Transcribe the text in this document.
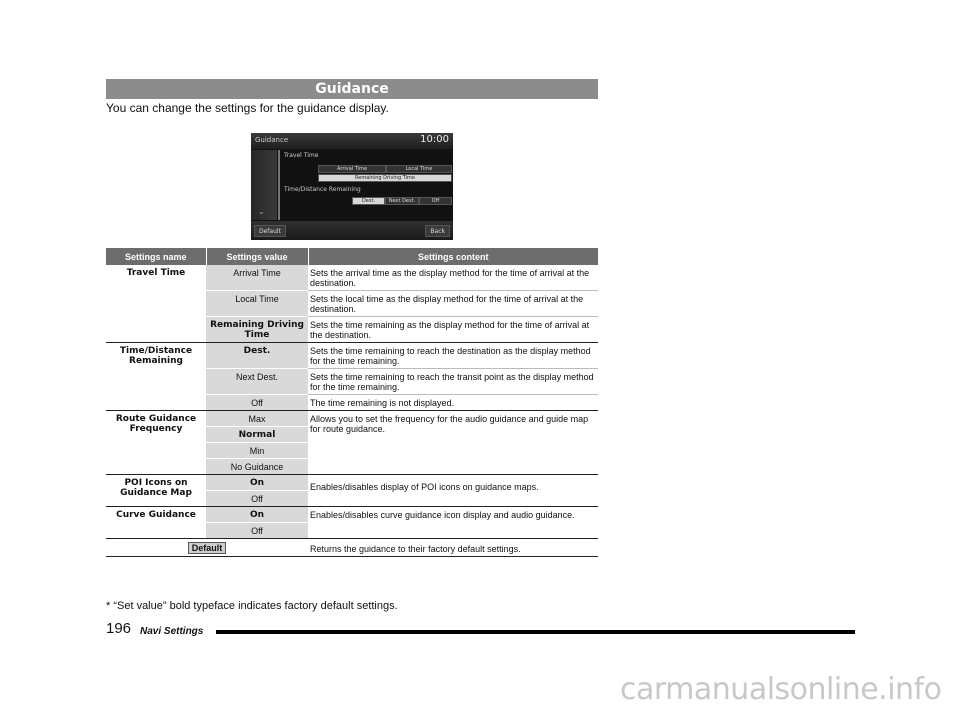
Guidance
You can change the settings for the guidance display.
Guidance	10:00
⌄
Travel Time
Arrival Time	Local Time
Remaining Driving Time
Time/Distance Remaining
Dest.	Next Dest.	Off
Default	Back
Settings name	Settings value	Settings content
Travel Time	Arrival Time	Sets the arrival time as the display method for the time of arrival at the destination.
	Local Time	Sets the local time as the display method for the time of arrival at the destination.
	Remaining Driving Time	Sets the time remaining as the display method for the time of arrival at the destination.
Time/Distance Remaining	Dest.	Sets the time remaining to reach the destination as the display method for the time remaining.
	Next Dest.	Sets the time remaining to reach the transit point as the display method for the time remaining.
	Off	The time remaining is not displayed.
Route Guidance Frequency	Max	Allows you to set the frequency for the audio guidance and guide map for route guidance.
	Normal	
	Min	
	No Guidance	
POI Icons on Guidance Map	On	Enables/disables display of POI icons on guidance maps.
	Off	
Curve Guidance	On	Enables/disables curve guidance icon display and audio guidance.
	Off	
Default		Returns the guidance to their factory default settings.
* “Set value” bold typeface indicates factory default settings.
196 Navi Settings
carmanualsonline.info
